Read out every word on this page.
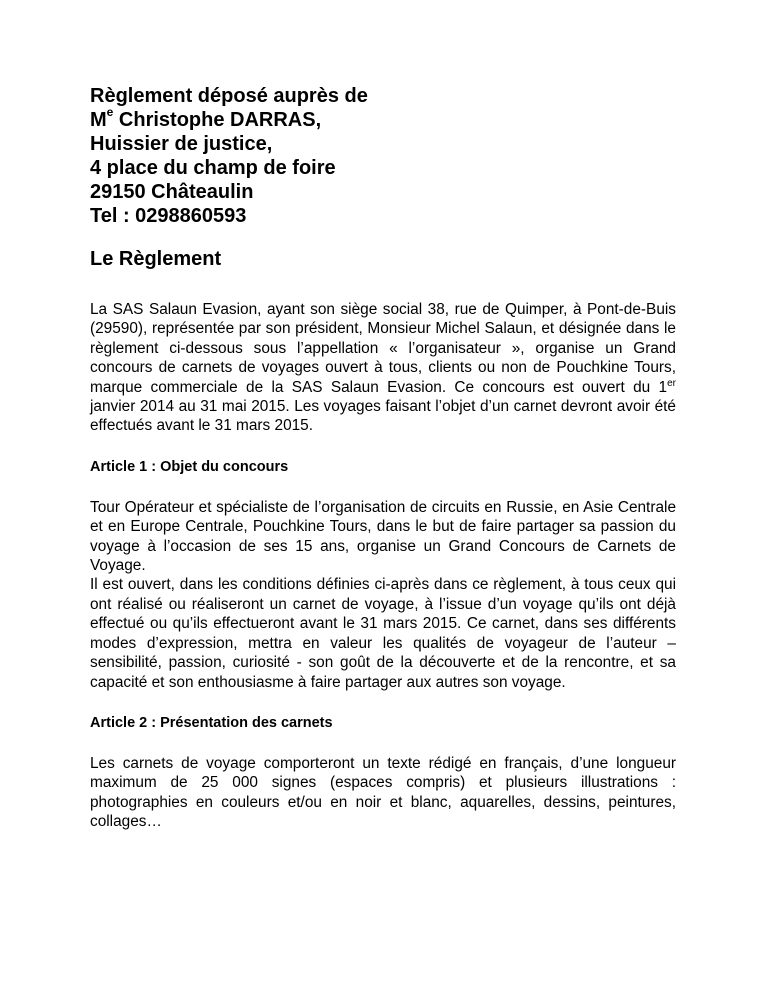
Règlement déposé auprès de
Me Christophe DARRAS,
Huissier de justice,
4 place du champ de foire
29150 Châteaulin
Tel : 0298860593
Le Règlement

La SAS Salaun Evasion, ayant son siège social 38, rue de Quimper, à Pont-de-Buis (29590), représentée par son président, Monsieur Michel Salaun, et désignée dans le règlement ci-dessous sous l’appellation « l’organisateur », organise un Grand concours de carnets de voyages ouvert à tous, clients ou non de Pouchkine Tours, marque commerciale de la SAS Salaun Evasion. Ce concours est ouvert du 1er janvier 2014 au 31 mai 2015. Les voyages faisant l’objet d’un carnet devront avoir été effectués avant le 31 mars 2015.

Article 1 : Objet du concours

Tour Opérateur et spécialiste de l’organisation de circuits en Russie, en Asie Centrale et en Europe Centrale, Pouchkine Tours, dans le but de faire partager sa passion du voyage à l’occasion de ses 15 ans, organise un Grand Concours de Carnets de Voyage.

Il est ouvert, dans les conditions définies ci-après dans ce règlement, à tous ceux qui ont réalisé ou réaliseront un carnet de voyage, à l’issue d’un voyage qu’ils ont déjà effectué ou qu’ils effectueront avant le 31 mars 2015. Ce carnet, dans ses différents modes d’expression, mettra en valeur les qualités de voyageur de l’auteur – sensibilité, passion, curiosité - son goût de la découverte et de la rencontre, et sa capacité et son enthousiasme à faire partager aux autres son voyage.

Article 2 : Présentation des carnets

Les carnets de voyage comporteront un texte rédigé en français, d’une longueur maximum de 25 000 signes (espaces compris) et plusieurs illustrations : photographies en couleurs et/ou en noir et blanc, aquarelles, dessins, peintures, collages…
